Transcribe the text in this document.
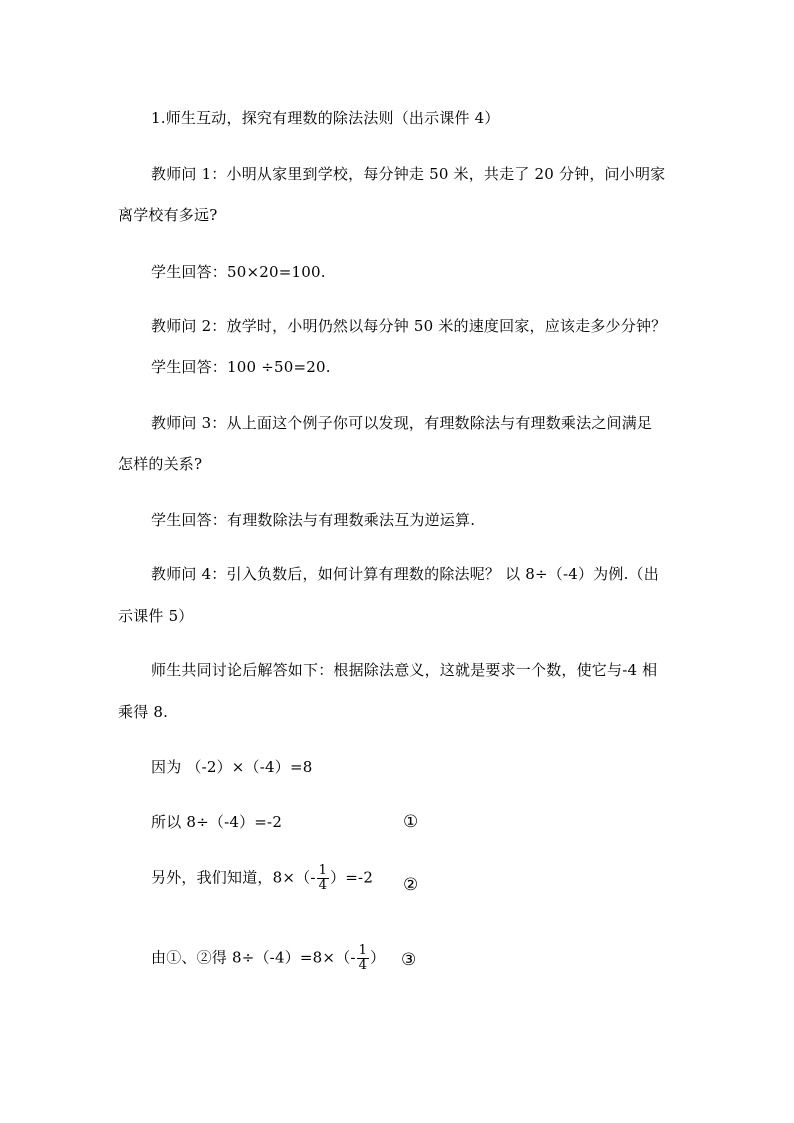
1.师生互动，探究有理数的除法法则（出示课件 4）
教师问 1：小明从家里到学校，每分钟走 50 米，共走了 20 分钟，问小明家
离学校有多远?
学生回答：50×20=100.
教师问 2：放学时，小明仍然以每分钟 50 米的速度回家，应该走多少分钟？
学生回答：100 ÷50=20.
教师问 3：从上面这个例子你可以发现，有理数除法与有理数乘法之间满足
怎样的关系?
学生回答：有理数除法与有理数乘法互为逆运算.
教师问 4：引入负数后，如何计算有理数的除法呢？ 以 8÷（-4）为例.（出
示课件 5）
师生共同讨论后解答如下：根据除法意义，这就是要求一个数，使它与-4 相
乘得 8.
因为 （-2）×（-4）=8
所以 8÷（-4）=-2	①
另外，我们知道，$8\times(- \frac{1}{4} )=-2$ ②
由①、②得 $8\div(-4)=8\times(- \frac{1}{4}$ ） ③
